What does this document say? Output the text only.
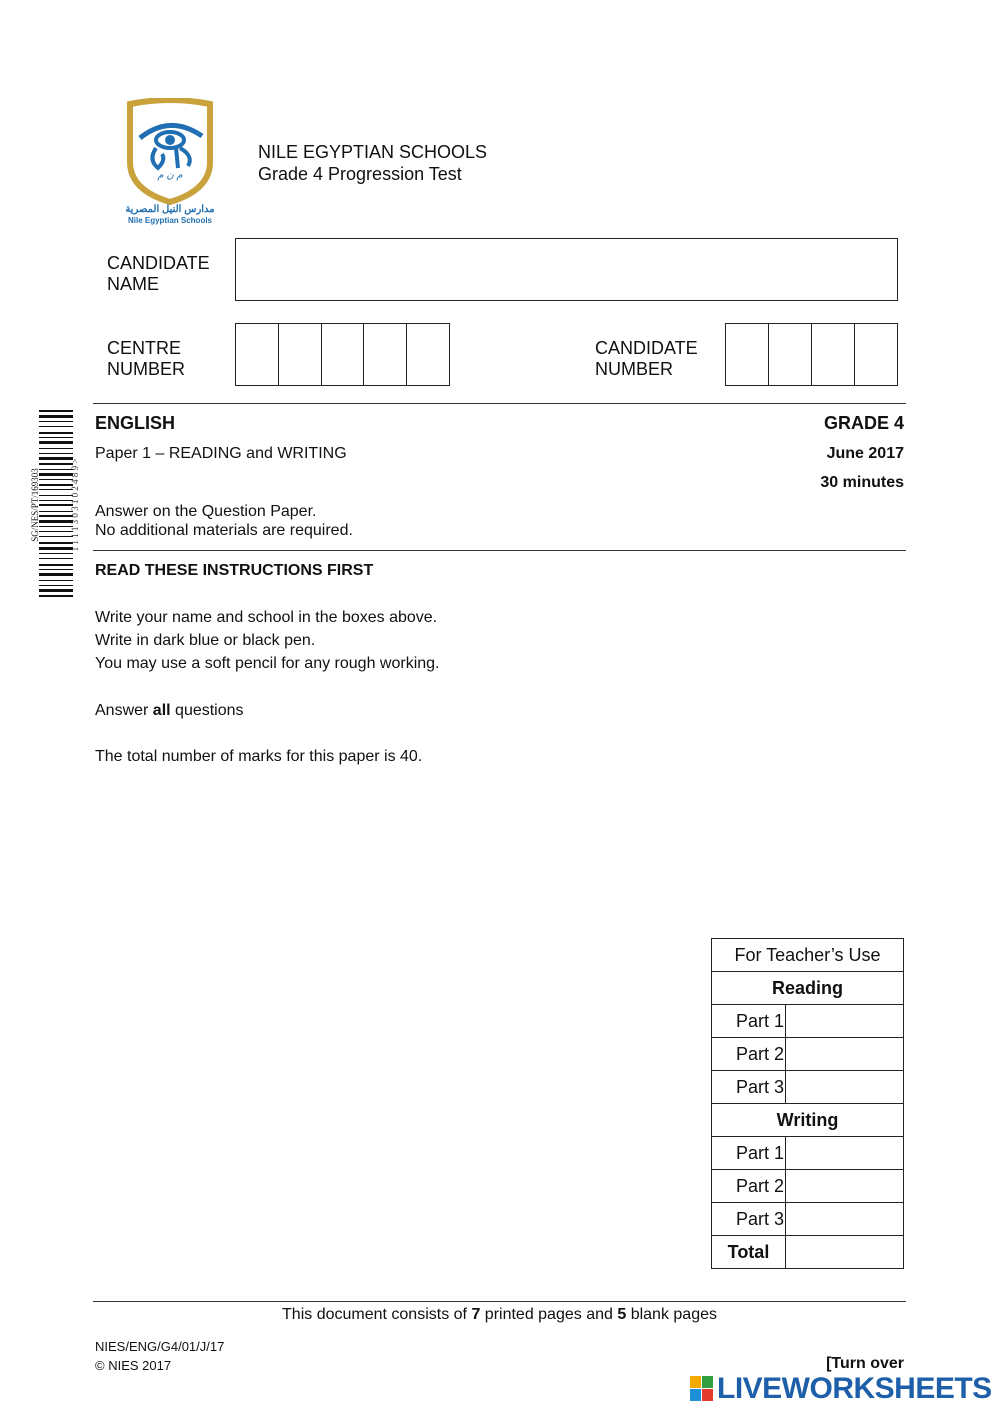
م ن م
مدارس النيل المصرية
Nile Egyptian Schools
NILE EGYPTIAN SCHOOLS
Grade 4 Progression Test
CANDIDATE
NAME
CENTRE
NUMBER
CANDIDATE
NUMBER
SG/NES/PT/169303	1 1 1 1 3 0 3 1 0 2 4 8 9 >
ENGLISH	GRADE 4
Paper 1 – READING and WRITING	June 2017
30 minutes
Answer on the Question Paper.
No additional materials are required.
READ THESE INSTRUCTIONS FIRST
Write your name and school in the boxes above.
Write in dark blue or black pen.
You may use a soft pencil for any rough working.
Answer all questions
The total number of marks for this paper is 40.
For Teacher’s Use	
Reading	
Part 1	
Part 2	
Part 3	
Writing	
Part 1	
Part 2	
Part 3	
Total	
This document consists of 7 printed pages and 5 blank pages
NIES/ENG/G4/01/J/17
© NIES 2017	[Turn over
LIVEWORKSHEETS
